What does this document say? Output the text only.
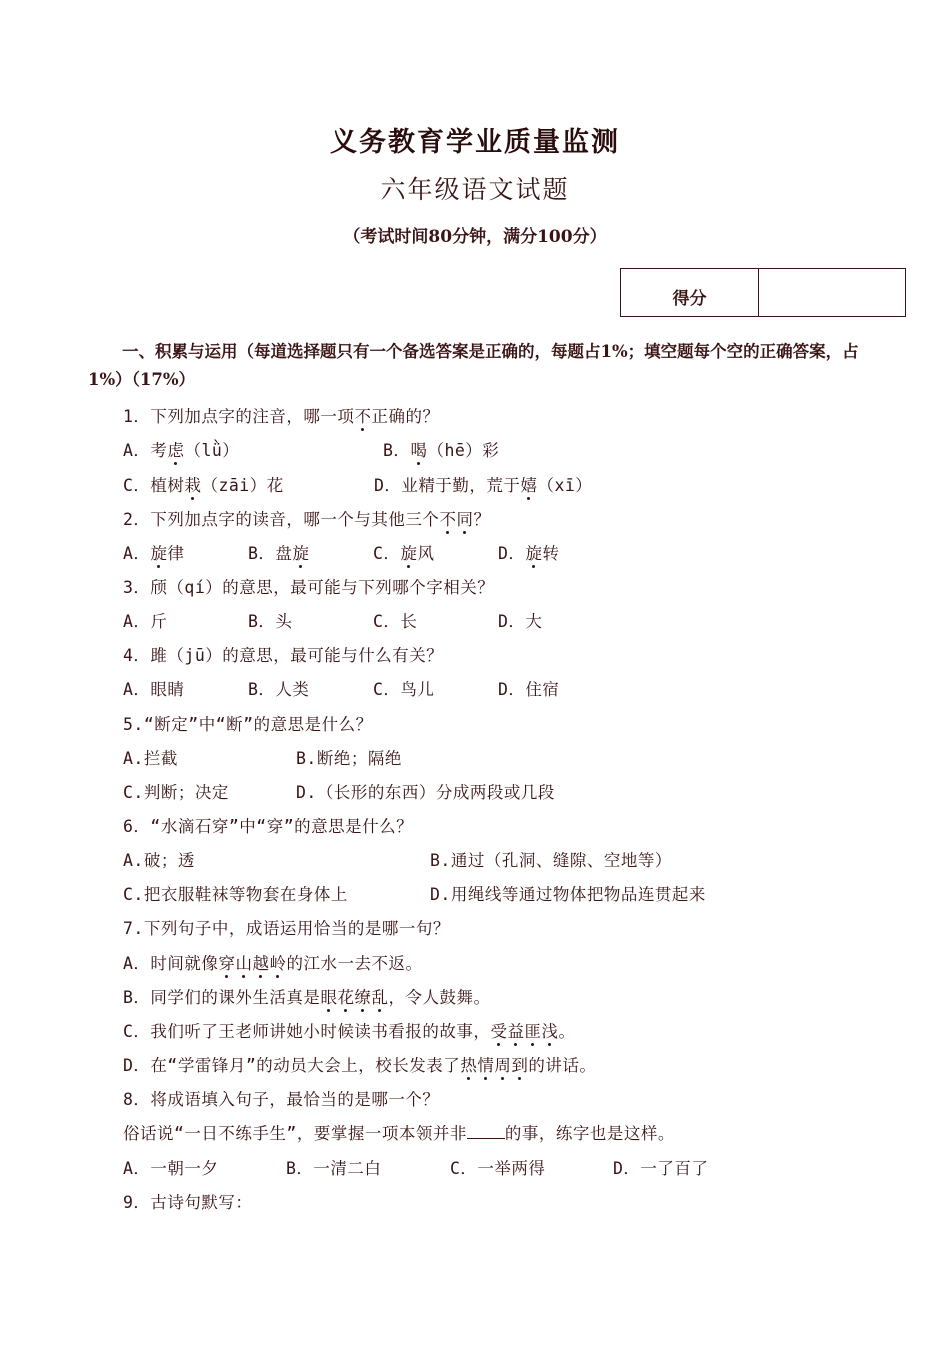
义务教育学业质量监测
六年级语文试题
（考试时间80分钟，满分100分）
得分
一、积累与运用（每道选择题只有一个备选答案是正确的，每题占1%；填空题每个空的正确答案，占1%）（17%）
1．下列加点字的注音，哪一项不正确的？
A．考虑（lǜ）	B．喝（hē）彩
C．植树栽（zāi）花	D．业精于勤，荒于嬉（xī）
2．下列加点字的读音，哪一个与其他三个不同？
A．旋律	B．盘旋	C．旋风	D．旋转
3．颀（qí）的意思，最可能与下列哪个字相关？
A．斤	B．头	C．长	D．大
4．雎（jū）的意思，最可能与什么有关？
A．眼睛	B．人类	C．鸟儿	D．住宿
5.“断定”中“断”的意思是什么？
A.拦截	B.断绝；隔绝
C.判断；决定	D.（长形的东西）分成两段或几段
6．“水滴石穿”中“穿”的意思是什么？
A.破；透	B.通过（孔洞、缝隙、空地等）
C.把衣服鞋袜等物套在身体上	D.用绳线等通过物体把物品连贯起来
7.下列句子中，成语运用恰当的是哪一句？
A．时间就像穿山越岭的江水一去不返。
B．同学们的课外生活真是眼花缭乱，令人鼓舞。
C．我们听了王老师讲她小时候读书看报的故事，受益匪浅。
D．在“学雷锋月”的动员大会上，校长发表了热情周到的讲话。
8．将成语填入句子，最恰当的是哪一个？
俗话说“一日不练手生”，要掌握一项本领并非 的事，练字也是这样。
A．一朝一夕	B．一清二白	C．一举两得	D．一了百了
9．古诗句默写：
